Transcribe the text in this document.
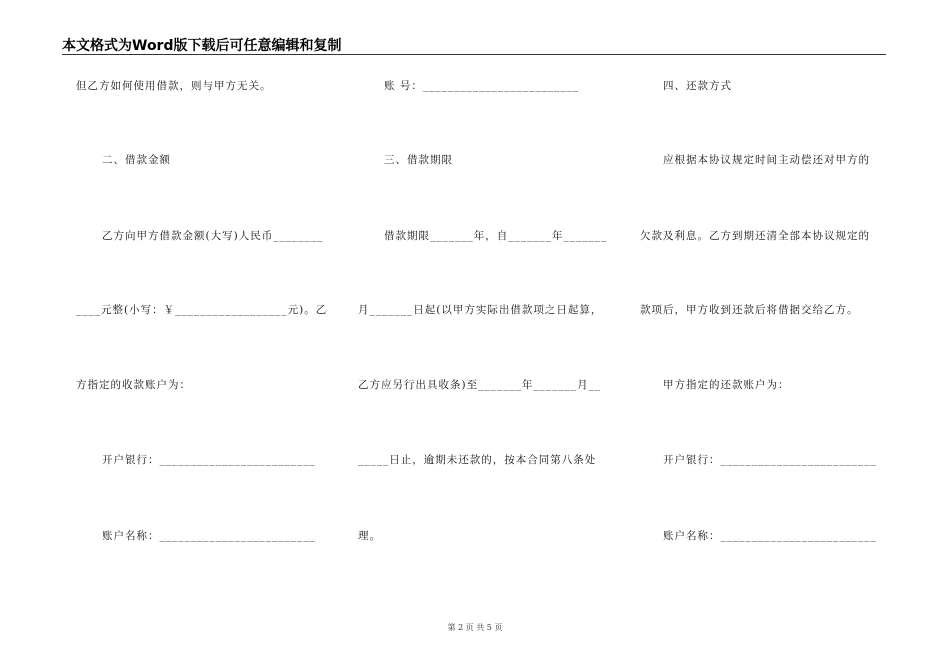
本文格式为Word版下载后可任意编辑和复制
但乙方如何使用借款，则与甲方无关。
二、借款金额
乙方向甲方借款金额(大写)人民币________
____元整(小写：￥__________________元)。乙
方指定的收款账户为：
开户银行：_________________________
账户名称：_________________________
账 号：_________________________
三、借款期限
借款期限_______年，自_______年_______
月_______日起(以甲方实际出借款项之日起算，
乙方应另行出具收条)至_______年_______月__
_____日止，逾期未还款的，按本合同第八条处
理。
四、还款方式
应根据本协议规定时间主动偿还对甲方的
欠款及利息。乙方到期还清全部本协议规定的
款项后，甲方收到还款后将借据交给乙方。
甲方指定的还款账户为：
开户银行：_________________________
账户名称：_________________________
第 2 页 共 5 页
